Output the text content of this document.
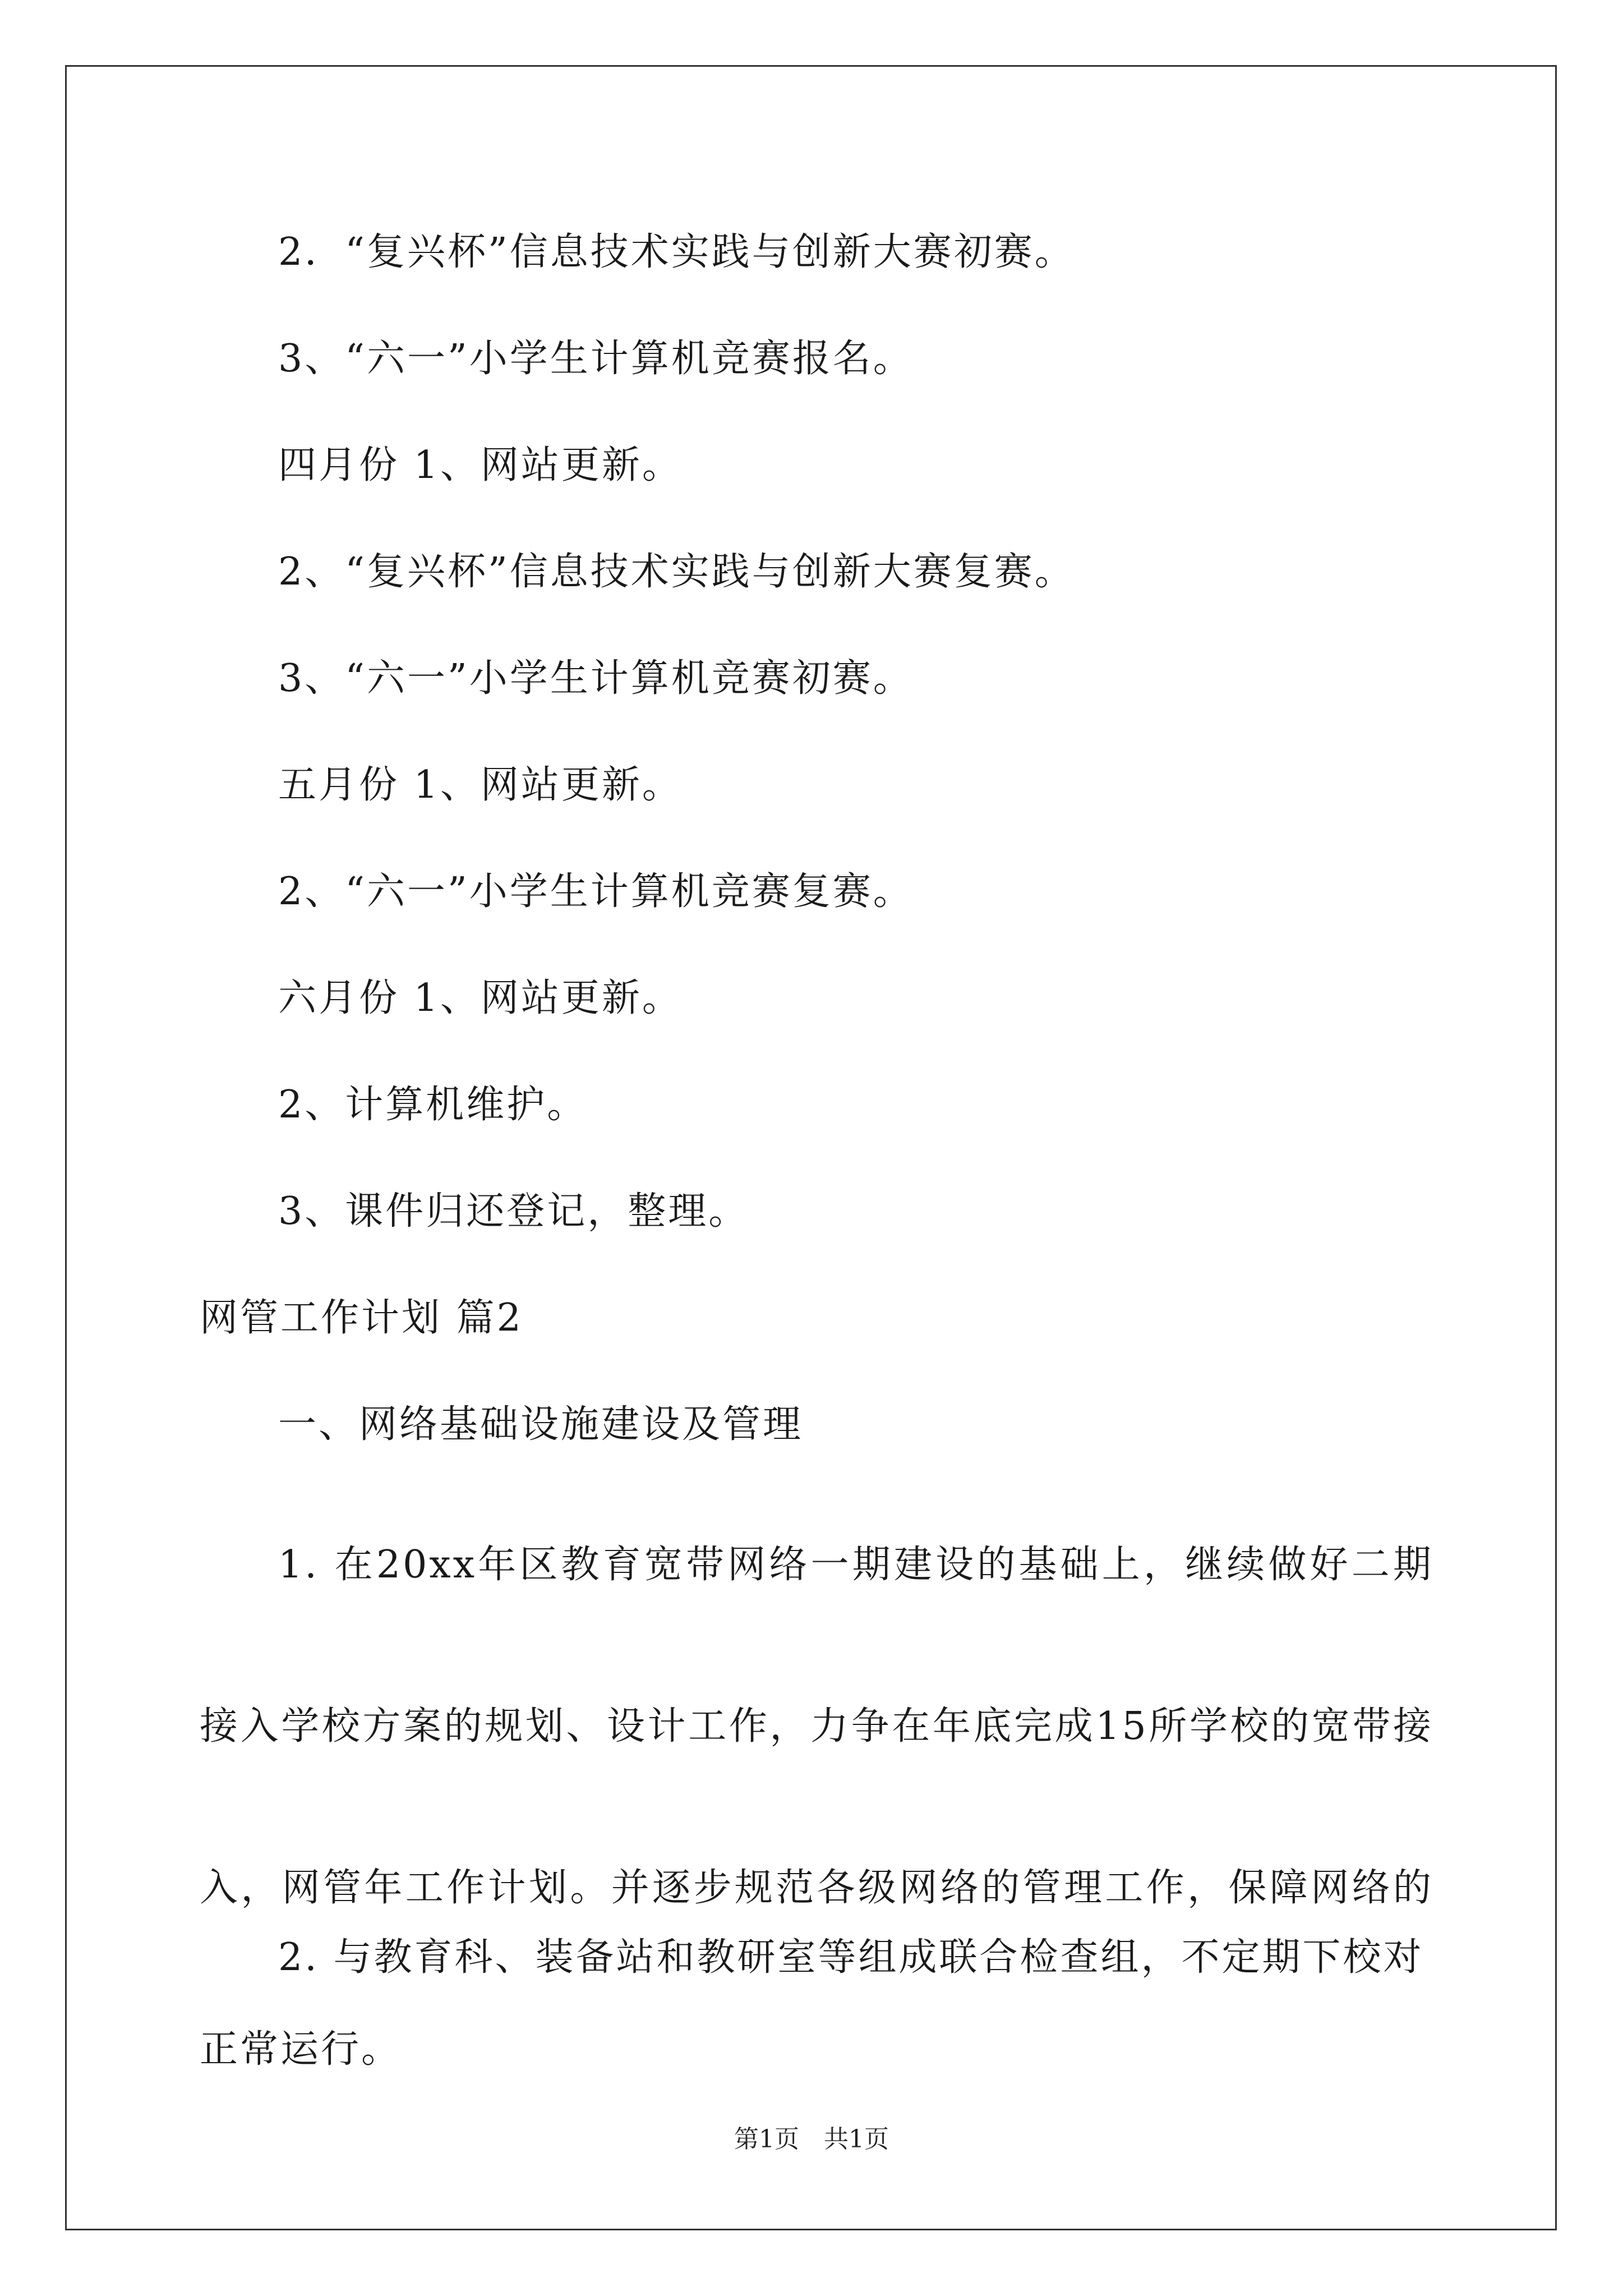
2．“复兴杯”信息技术实践与创新大赛初赛。

3、“六一”小学生计算机竞赛报名。

四月份 1、网站更新。

2、“复兴杯”信息技术实践与创新大赛复赛。

3、“六一”小学生计算机竞赛初赛。

五月份 1、网站更新。

2、“六一”小学生计算机竞赛复赛。

六月份 1、网站更新。

2、计算机维护。

3、课件归还登记，整理。

网管工作计划 篇2

一、网络基础设施建设及管理

1. 在20xx年区教育宽带网络一期建设的基础上，继续做好二期接入学校方案的规划、设计工作，力争在年底完成15所学校的宽带接入，网管年工作计划。并逐步规范各级网络的管理工作，保障网络的正常运行。

2. 与教育科、装备站和教研室等组成联合检查组，不定期下校对

第1页　共1页
